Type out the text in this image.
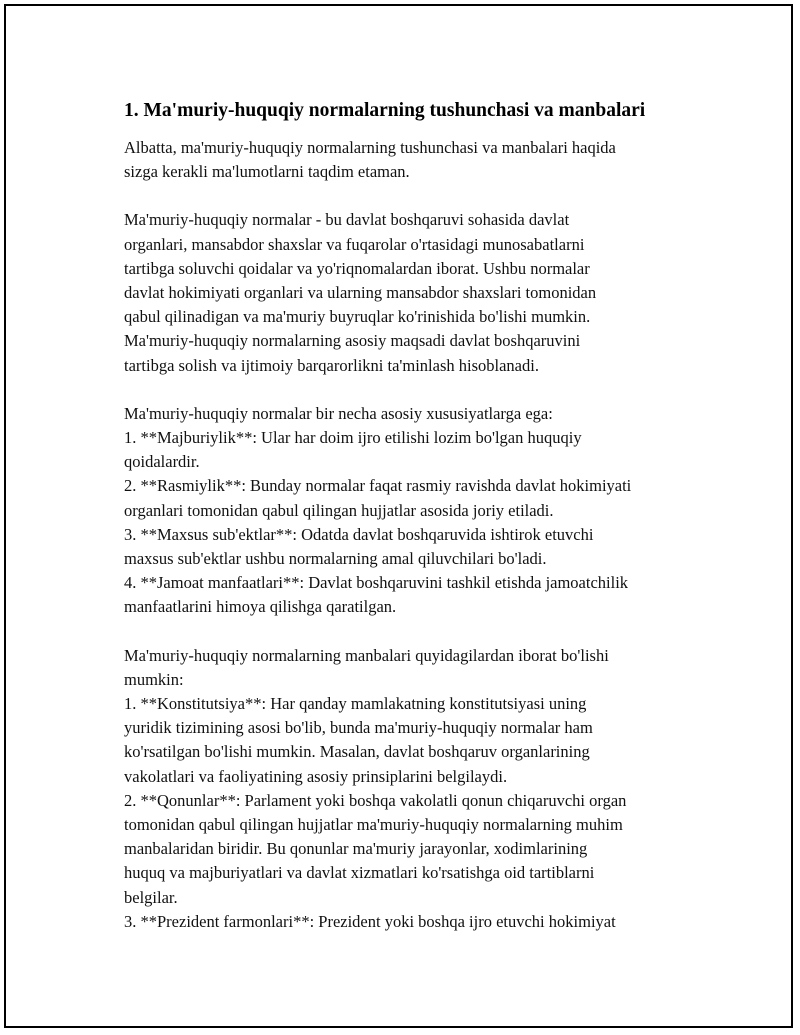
1. Ma'muriy-huquqiy normalarning tushunchasi va manbalari

Albatta, ma'muriy-huquqiy normalarning tushunchasi va manbalari haqida
sizga kerakli ma'lumotlarni taqdim etaman.

Ma'muriy-huquqiy normalar - bu davlat boshqaruvi sohasida davlat
organlari, mansabdor shaxslar va fuqarolar o'rtasidagi munosabatlarni
tartibga soluvchi qoidalar va yo'riqnomalardan iborat. Ushbu normalar
davlat hokimiyati organlari va ularning mansabdor shaxslari tomonidan
qabul qilinadigan va ma'muriy buyruqlar ko'rinishida bo'lishi mumkin.
Ma'muriy-huquqiy normalarning asosiy maqsadi davlat boshqaruvini
tartibga solish va ijtimoiy barqarorlikni ta'minlash hisoblanadi.

Ma'muriy-huquqiy normalar bir necha asosiy xususiyatlarga ega:
1. **Majburiylik**: Ular har doim ijro etilishi lozim bo'lgan huquqiy
qoidalardir.
2. **Rasmiylik**: Bunday normalar faqat rasmiy ravishda davlat hokimiyati
organlari tomonidan qabul qilingan hujjatlar asosida joriy etiladi.
3. **Maxsus sub'ektlar**: Odatda davlat boshqaruvida ishtirok etuvchi
maxsus sub'ektlar ushbu normalarning amal qiluvchilari bo'ladi.
4. **Jamoat manfaatlari**: Davlat boshqaruvini tashkil etishda jamoatchilik
manfaatlarini himoya qilishga qaratilgan.

Ma'muriy-huquqiy normalarning manbalari quyidagilardan iborat bo'lishi
mumkin:
1. **Konstitutsiya**: Har qanday mamlakatning konstitutsiyasi uning
yuridik tizimining asosi bo'lib, bunda ma'muriy-huquqiy normalar ham
ko'rsatilgan bo'lishi mumkin. Masalan, davlat boshqaruv organlarining
vakolatlari va faoliyatining asosiy prinsiplarini belgilaydi.
2. **Qonunlar**: Parlament yoki boshqa vakolatli qonun chiqaruvchi organ
tomonidan qabul qilingan hujjatlar ma'muriy-huquqiy normalarning muhim
manbalaridan biridir. Bu qonunlar ma'muriy jarayonlar, xodimlarining
huquq va majburiyatlari va davlat xizmatlari ko'rsatishga oid tartiblarni
belgilar.
3. **Prezident farmonlari**: Prezident yoki boshqa ijro etuvchi hokimiyat
